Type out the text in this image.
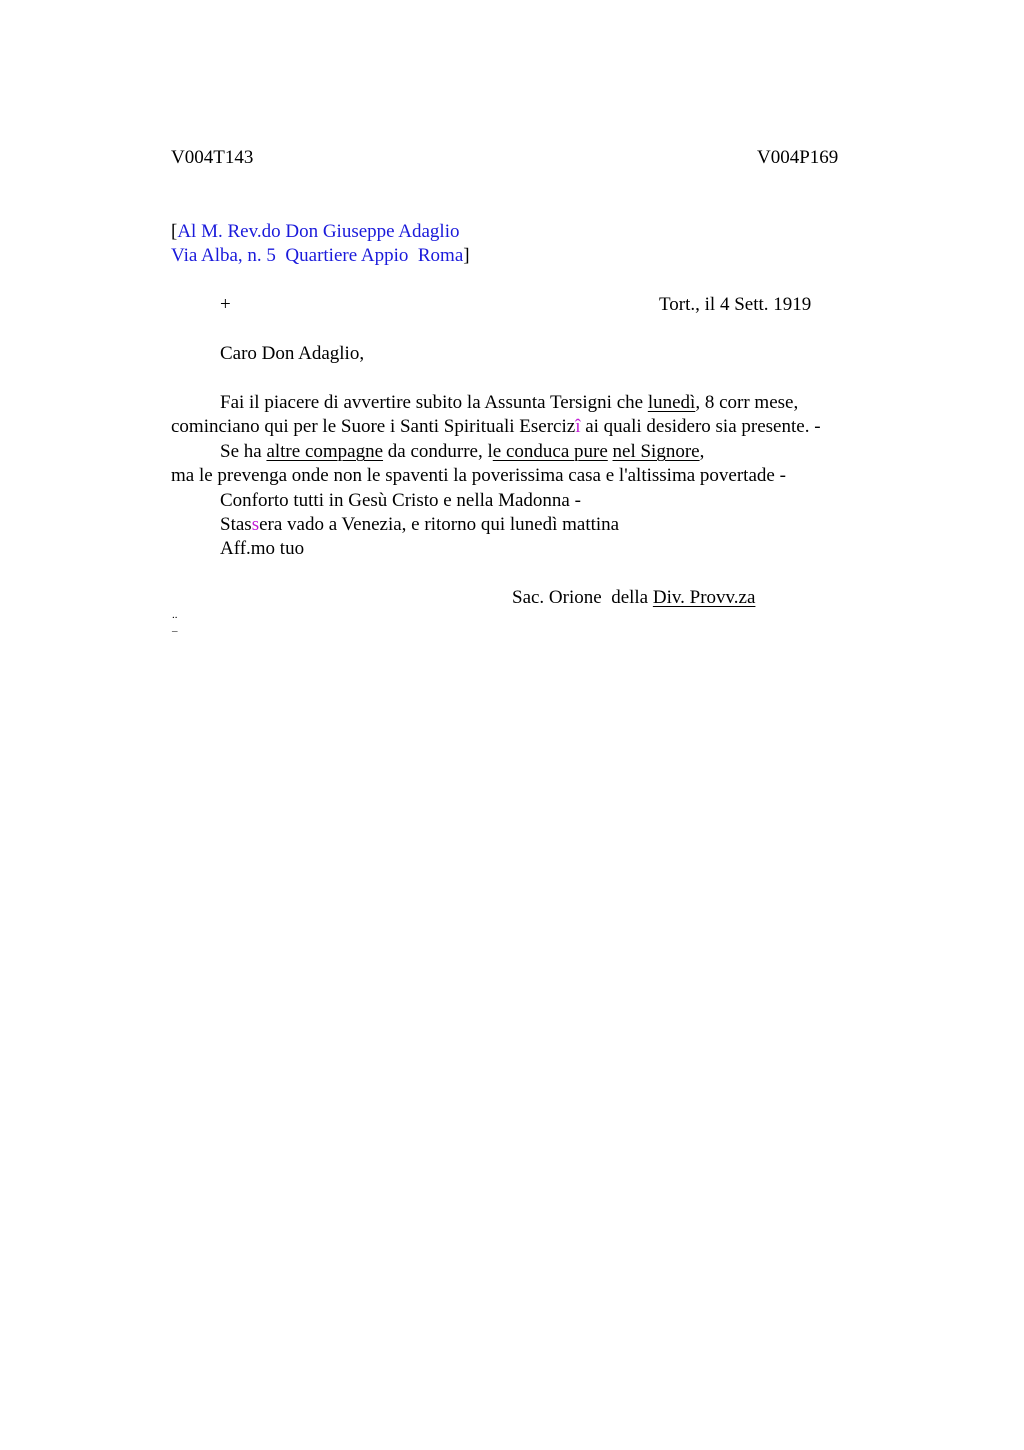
V004T143	V004P169
[Al M. Rev.do Don Giuseppe Adaglio
Via Alba, n. 5  Quartiere Appio  Roma]
+	Tort., il 4 Sett. 1919
Caro Don Adaglio,
Fai il piacere di avvertire subito la Assunta Tersigni che lunedì, 8 corr mese,
cominciano qui per le Suore i Santi Spirituali Esercizî ai quali desidero sia presente. -
Se ha altre compagne da condurre, le conduca pure nel Signore,
ma le prevenga onde non le spaventi la poverissima casa e l'altissima povertade -
Conforto tutti in Gesù Cristo e nella Madonna -
Stassera vado a Venezia, e ritorno qui lunedì mattina
Aff.mo tuo
Sac. Orione  della Div. Provv.za
..
_
